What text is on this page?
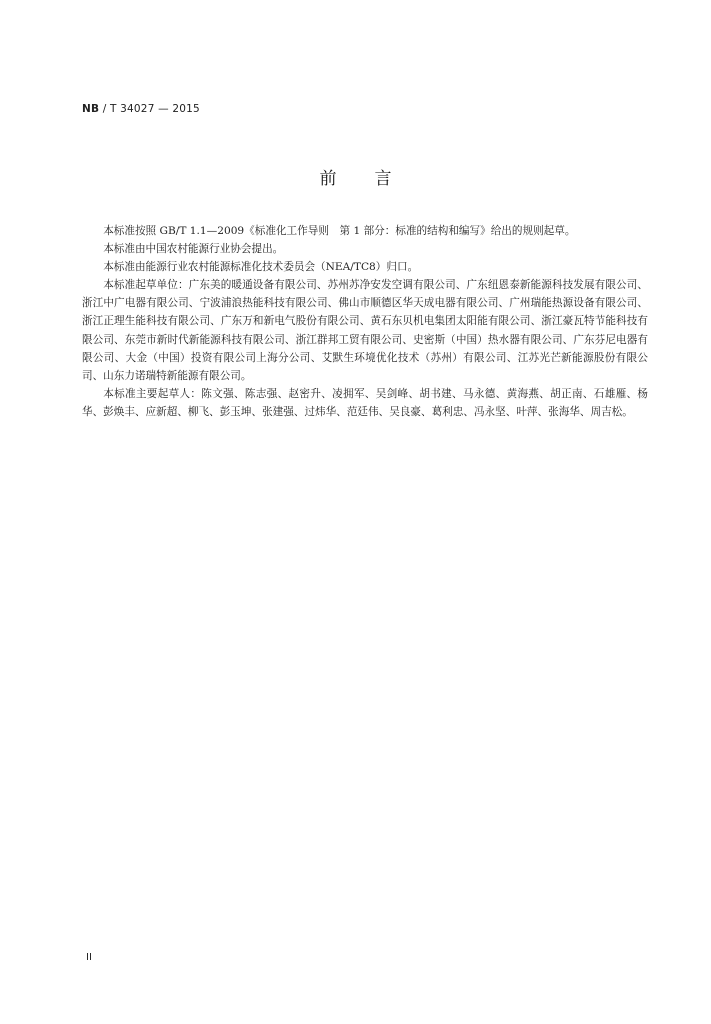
NB / T 34027 — 2015
前言

本标准按照 GB/T 1.1—2009《标准化工作导则　第 1 部分：标准的结构和编写》给出的规则起草。

本标准由中国农村能源行业协会提出。

本标准由能源行业农村能源标准化技术委员会（NEA/TC8）归口。

本标准起草单位：广东美的暖通设备有限公司、苏州苏净安发空调有限公司、广东纽恩泰新能源科技发展有限公司、浙江中广电器有限公司、宁波浦浪热能科技有限公司、佛山市顺德区华天成电器有限公司、广州瑞能热源设备有限公司、浙江正理生能科技有限公司、广东万和新电气股份有限公司、黄石东贝机电集团太阳能有限公司、浙江豪瓦特节能科技有限公司、东莞市新时代新能源科技有限公司、浙江群邦工贸有限公司、史密斯（中国）热水器有限公司、广东芬尼电器有限公司、大金（中国）投资有限公司上海分公司、艾默生环境优化技术（苏州）有限公司、江苏光芒新能源股份有限公司、山东力诺瑞特新能源有限公司。

本标准主要起草人：陈文强、陈志强、赵密升、凌拥军、吴剑峰、胡书建、马永德、黄海燕、胡正南、石雄雁、杨华、彭焕丰、应新超、柳飞、彭玉坤、张建强、过炜华、范廷伟、吴良豪、葛利忠、冯永坚、叶萍、张海华、周吉松。

II
